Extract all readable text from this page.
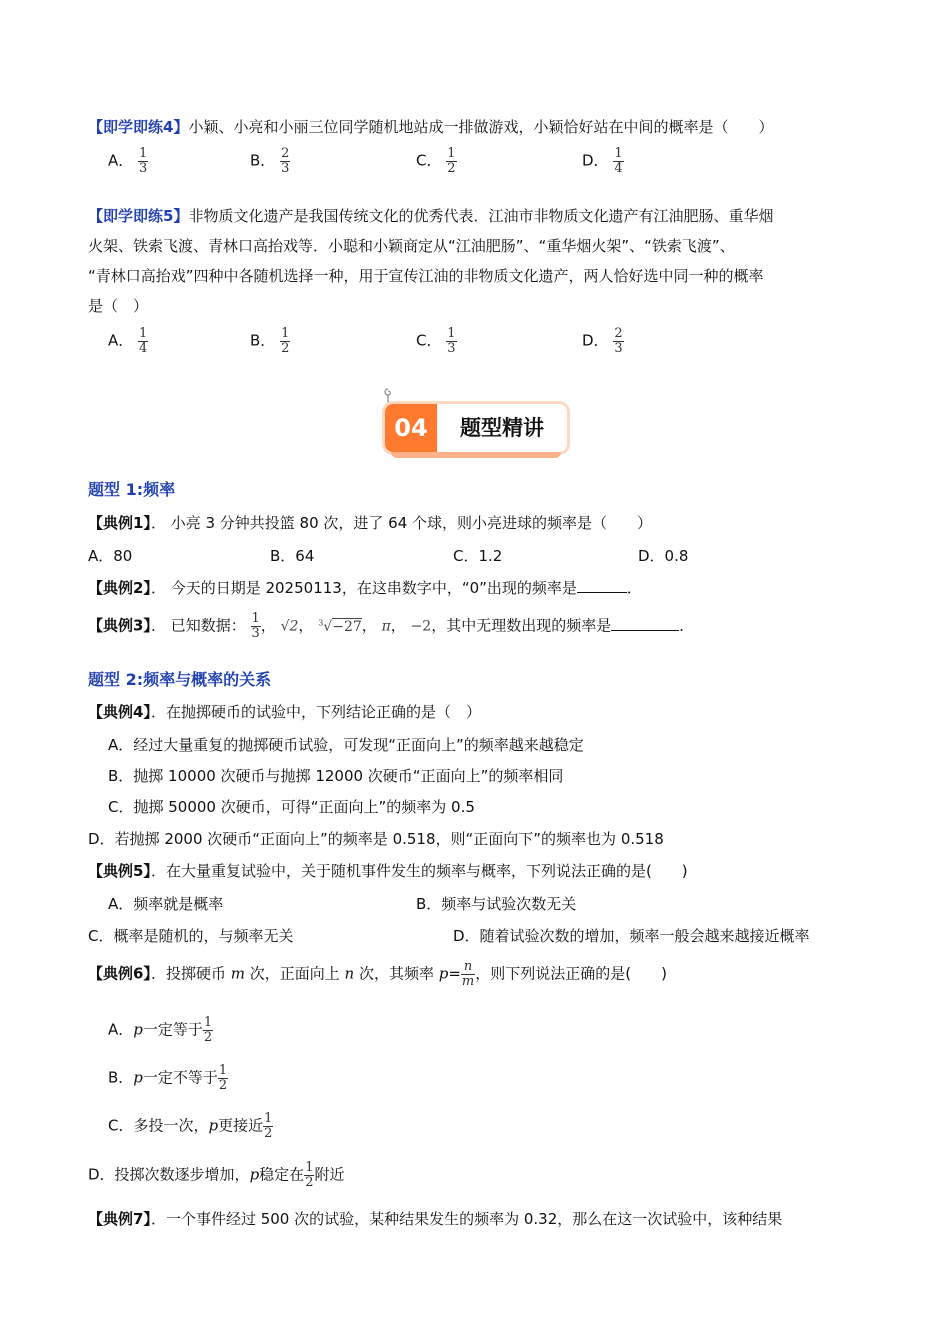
【即学即练4】小颖、小亮和小丽三位同学随机地站成一排做游戏，小颖恰好站在中间的概率是（　　）
A． $\frac{1}{3}$	B． $\frac{2}{3}$	C． $\frac{1}{2}$	D． $\frac{1}{4}$
【即学即练5】非物质文化遗产是我国传统文化的优秀代表．江油市非物质文化遗产有江油肥肠、重华烟
火架、铁索飞渡、青林口高抬戏等．小聪和小颖商定从“江油肥肠”、“重华烟火架”、“铁索飞渡”、
“青林口高抬戏”四种中各随机选择一种，用于宣传江油的非物质文化遗产，两人恰好选中同一种的概率
是（　）
A． $\frac{1}{4}$	B． $\frac{1}{2}$	C． $\frac{1}{3}$	D． $\frac{2}{3}$
04	题型精讲
题型 1:频率
【典例1】． 小亮 3 分钟共投篮 80 次，进了 64 个球，则小亮进球的频率是（　　）
A．80	B．64	C．1.2	D．0.8
【典例2】． 今天的日期是 20250113，在这串数字中，“0”出现的频率是	．
【典例3】． 已知数据： $\frac{1}{3}$ ， √2， $^3$√−27， π， −2，其中无理数出现的频率是	．
题型 2:频率与概率的关系
【典例4】．在抛掷硬币的试验中，下列结论正确的是（　）
A．经过大量重复的抛掷硬币试验，可发现“正面向上”的频率越来越稳定
B．抛掷 10000 次硬币与抛掷 12000 次硬币“正面向上”的频率相同
C．抛掷 50000 次硬币，可得“正面向上”的频率为 0.5
D．若抛掷 2000 次硬币“正面向上”的频率是 0.518，则“正面向下”的频率也为 0.518
【典例5】．在大量重复试验中，关于随机事件发生的频率与概率，下列说法正确的是(　　)
A．频率就是概率	B．频率与试验次数无关
C．概率是随机的，与频率无关	D．随着试验次数的增加，频率一般会越来越接近概率
【典例6】．投掷硬币 m 次，正面向上 n 次，其频率 $p= \frac{n}{m}$ ，则下列说法正确的是(　　)
A．p一定等于 $\frac{1}{2}$
B．p一定不等于 $\frac{1}{2}$
C．多投一次，p更接近 $\frac{1}{2}$
D．投掷次数逐步增加，p稳定在 $\frac{1}{2}$ 附近
【典例7】．一个事件经过 500 次的试验，某种结果发生的频率为 0.32，那么在这一次试验中，该种结果
